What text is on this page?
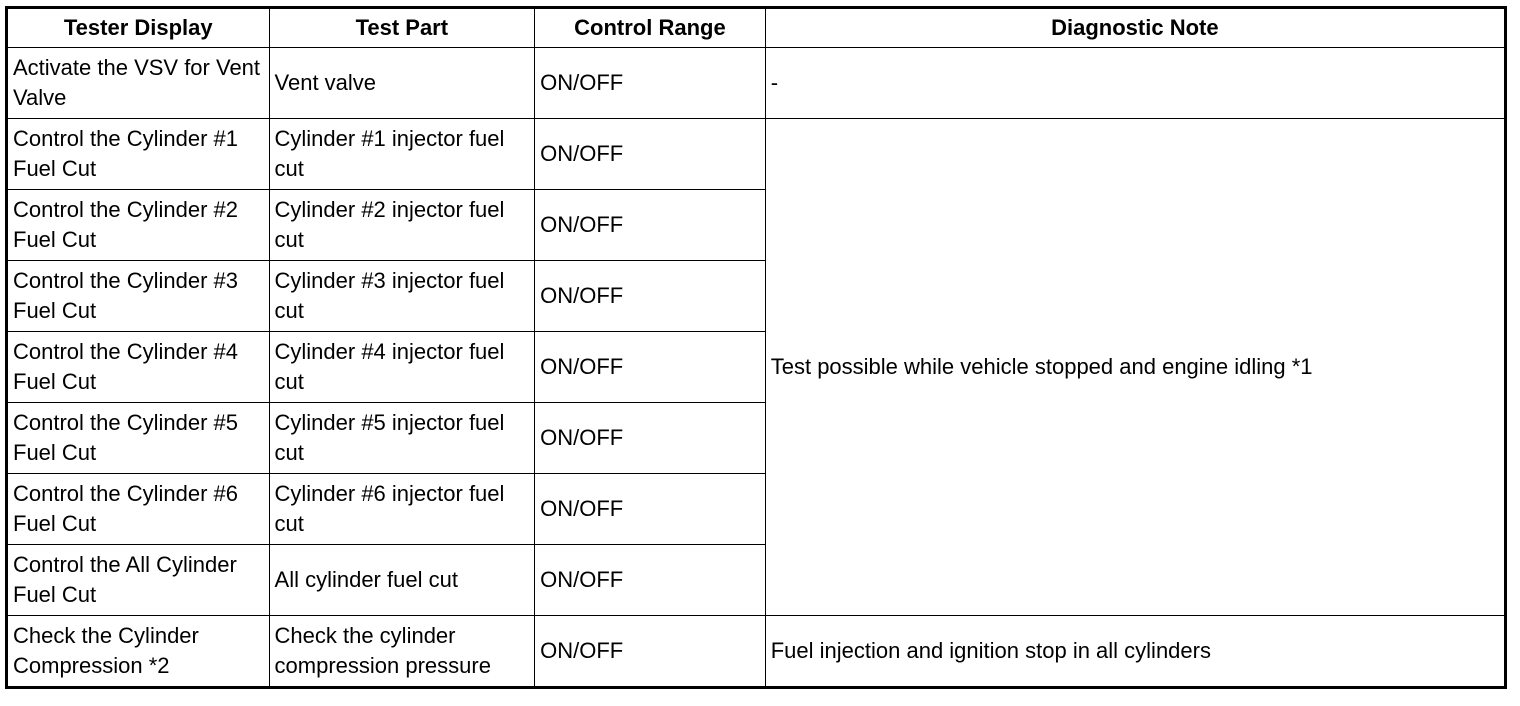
Tester Display	Test Part	Control Range	Diagnostic Note
Activate the VSV for Vent Valve	Vent valve	ON/OFF	-
Control the Cylinder #1 Fuel Cut	Cylinder #1 injector fuel cut	ON/OFF	Test possible while vehicle stopped and engine idling *1
Control the Cylinder #2 Fuel Cut	Cylinder #2 injector fuel cut	ON/OFF	
Control the Cylinder #3 Fuel Cut	Cylinder #3 injector fuel cut	ON/OFF	
Control the Cylinder #4 Fuel Cut	Cylinder #4 injector fuel cut	ON/OFF	
Control the Cylinder #5 Fuel Cut	Cylinder #5 injector fuel cut	ON/OFF	
Control the Cylinder #6 Fuel Cut	Cylinder #6 injector fuel cut	ON/OFF	
Control the All Cylinder Fuel Cut	All cylinder fuel cut	ON/OFF	
Check the Cylinder Compression *2	Check the cylinder compression pressure	ON/OFF	Fuel injection and ignition stop in all cylinders
